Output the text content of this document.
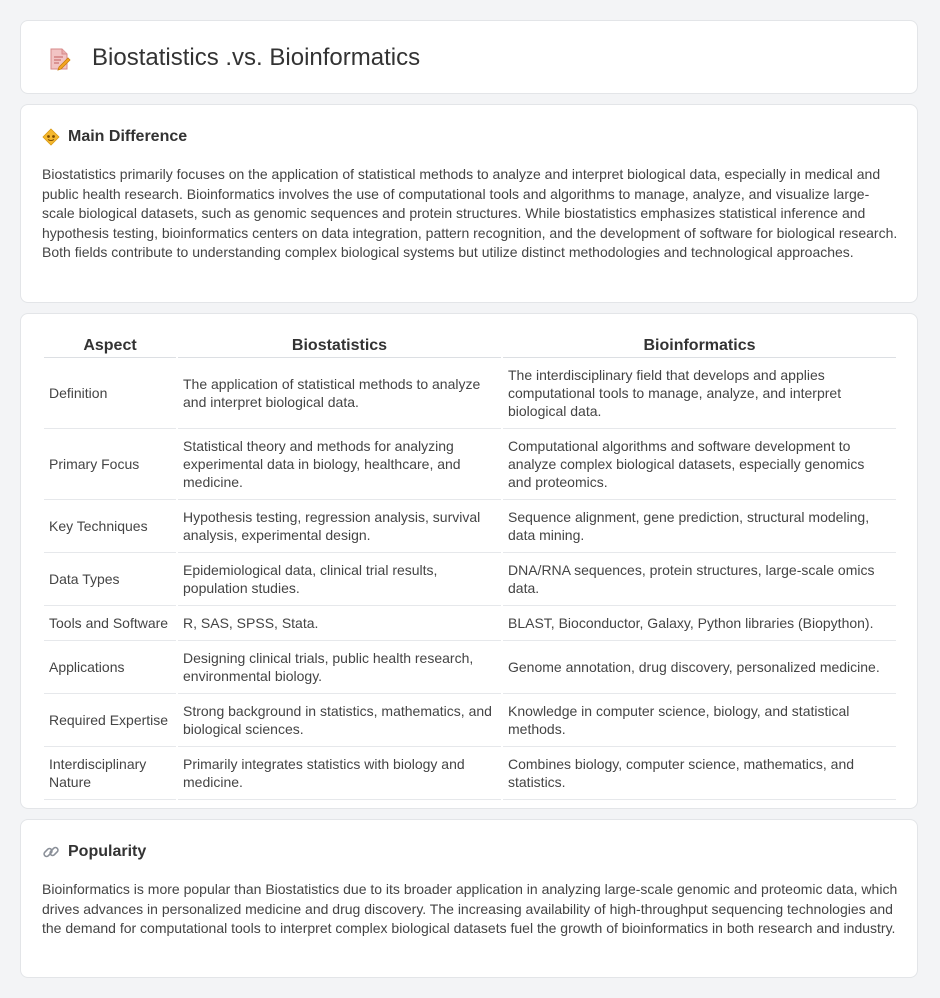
Biostatistics .vs. Bioinformatics
Main Difference

Biostatistics primarily focuses on the application of statistical methods to analyze and interpret biological data, especially in medical and public health research. Bioinformatics involves the use of computational tools and algorithms to manage, analyze, and visualize large-scale biological datasets, such as genomic sequences and protein structures. While biostatistics emphasizes statistical inference and hypothesis testing, bioinformatics centers on data integration, pattern recognition, and the development of software for biological research. Both fields contribute to understanding complex biological systems but utilize distinct methodologies and technological approaches.

Aspect	Biostatistics	Bioinformatics
Definition	The application of statistical methods to analyze and interpret biological data.	The interdisciplinary field that develops and applies computational tools to manage, analyze, and interpret biological data.
Primary Focus	Statistical theory and methods for analyzing experimental data in biology, healthcare, and medicine.	Computational algorithms and software development to analyze complex biological datasets, especially genomics and proteomics.
Key Techniques	Hypothesis testing, regression analysis, survival analysis, experimental design.	Sequence alignment, gene prediction, structural modeling, data mining.
Data Types	Epidemiological data, clinical trial results, population studies.	DNA/RNA sequences, protein structures, large-scale omics data.
Tools and Software	R, SAS, SPSS, Stata.	BLAST, Bioconductor, Galaxy, Python libraries (Biopython).
Applications	Designing clinical trials, public health research, environmental biology.	Genome annotation, drug discovery, personalized medicine.
Required Expertise	Strong background in statistics, mathematics, and biological sciences.	Knowledge in computer science, biology, and statistical methods.
Interdisciplinary Nature	Primarily integrates statistics with biology and medicine.	Combines biology, computer science, mathematics, and statistics.
Popularity

Bioinformatics is more popular than Biostatistics due to its broader application in analyzing large-scale genomic and proteomic data, which drives advances in personalized medicine and drug discovery. The increasing availability of high-throughput sequencing technologies and the demand for computational tools to interpret complex biological datasets fuel the growth of bioinformatics in both research and industry.
